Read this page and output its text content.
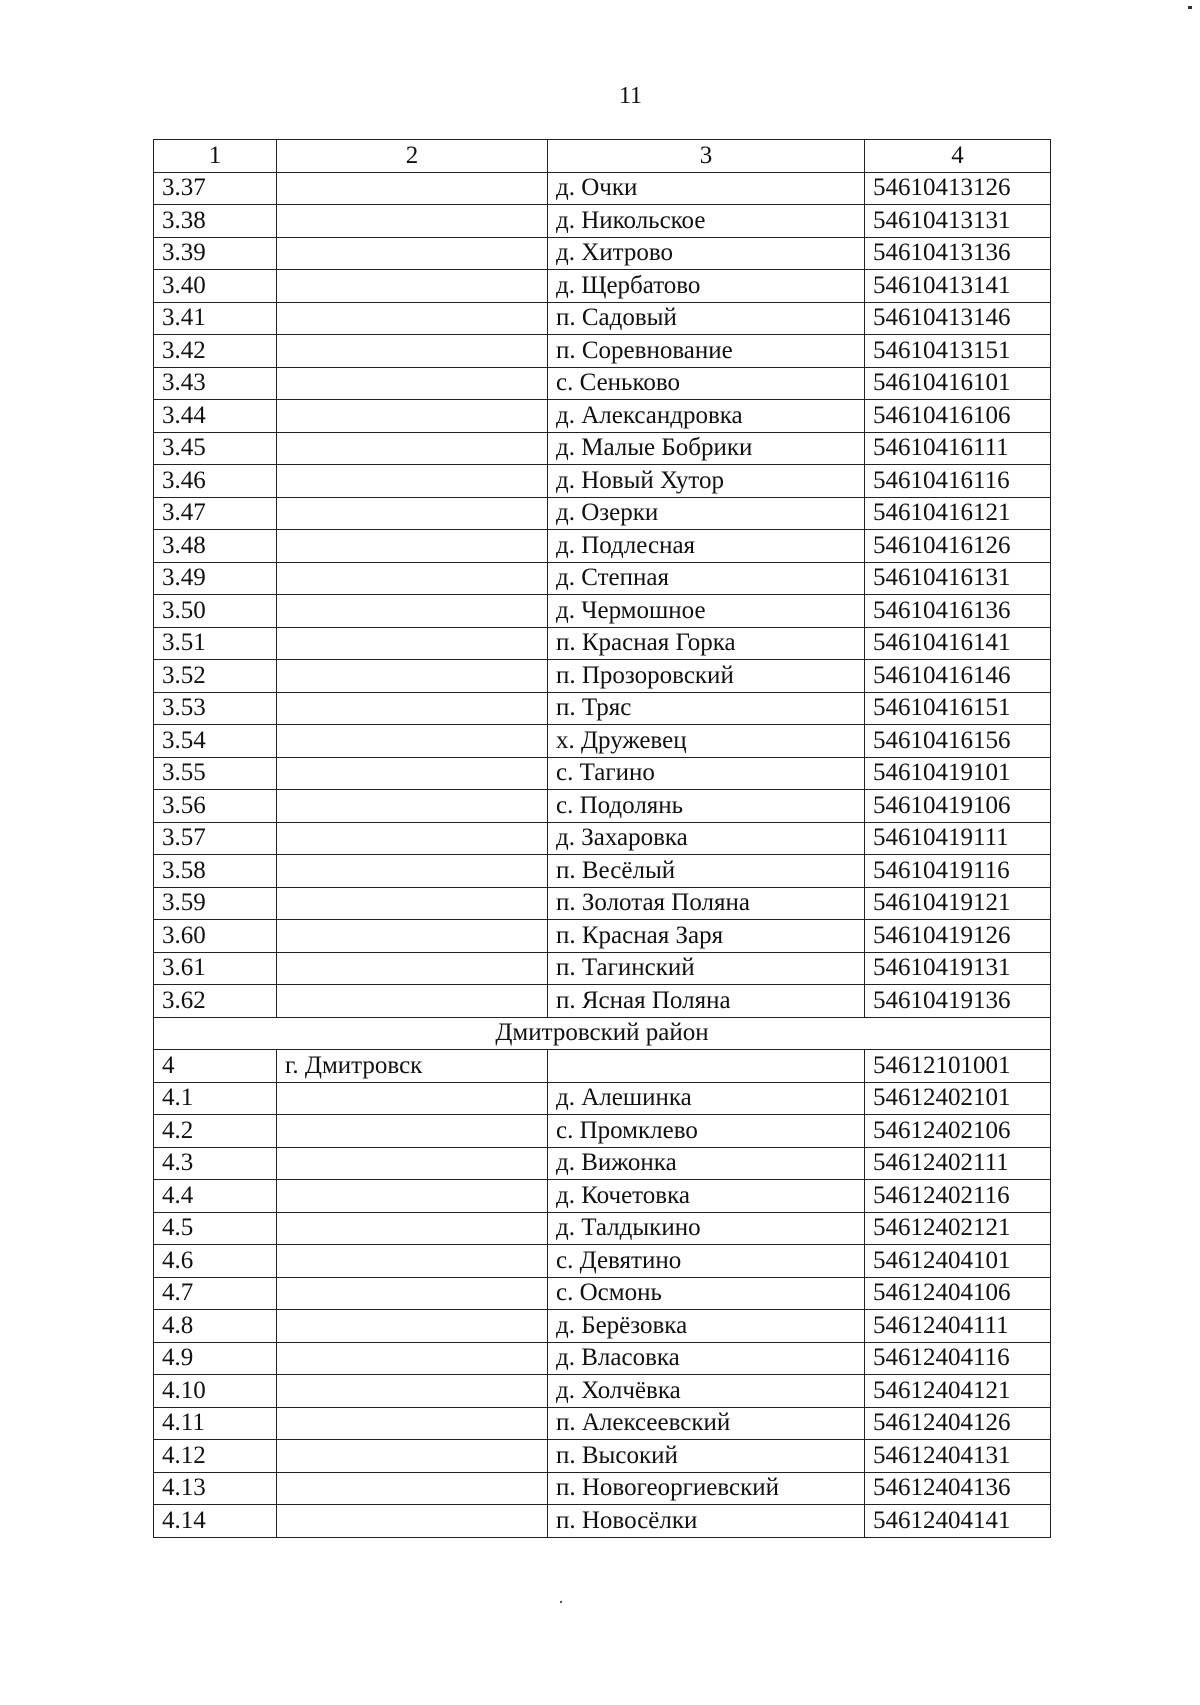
11
1	2	3	4
3.37		д. Очки	54610413126
3.38		д. Никольское	54610413131
3.39		д. Хитрово	54610413136
3.40		д. Щербатово	54610413141
3.41		п. Садовый	54610413146
3.42		п. Соревнование	54610413151
3.43		с. Сеньково	54610416101
3.44		д. Александровка	54610416106
3.45		д. Малые Бобрики	54610416111
3.46		д. Новый Хутор	54610416116
3.47		д. Озерки	54610416121
3.48		д. Подлесная	54610416126
3.49		д. Степная	54610416131
3.50		д. Чермошное	54610416136
3.51		п. Красная Горка	54610416141
3.52		п. Прозоровский	54610416146
3.53		п. Тряс	54610416151
3.54		х. Дружевец	54610416156
3.55		с. Тагино	54610419101
3.56		с. Подолянь	54610419106
3.57		д. Захаровка	54610419111
3.58		п. Весёлый	54610419116
3.59		п. Золотая Поляна	54610419121
3.60		п. Красная Заря	54610419126
3.61		п. Тагинский	54610419131
3.62		п. Ясная Поляна	54610419136
Дмитровский район			
4	г. Дмитровск		54612101001
4.1		д. Алешинка	54612402101
4.2		с. Промклево	54612402106
4.3		д. Вижонка	54612402111
4.4		д. Кочетовка	54612402116
4.5		д. Талдыкино	54612402121
4.6		с. Девятино	54612404101
4.7		с. Осмонь	54612404106
4.8		д. Берёзовка	54612404111
4.9		д. Власовка	54612404116
4.10		д. Холчёвка	54612404121
4.11		п. Алексеевский	54612404126
4.12		п. Высокий	54612404131
4.13		п. Новогеоргиевский	54612404136
4.14		п. Новосёлки	54612404141
